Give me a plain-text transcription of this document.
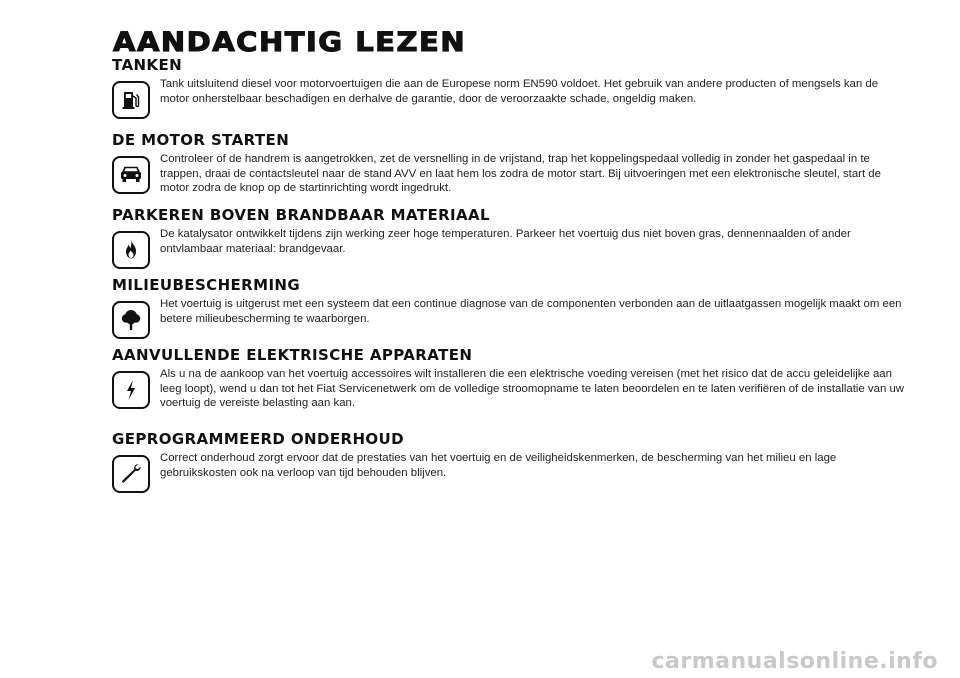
AANDACHTIG LEZEN
TANKEN
Tank uitsluitend diesel voor motorvoertuigen die aan de Europese norm EN590 voldoet. Het gebruik van andere producten of mengsels kan de motor onherstelbaar beschadigen en derhalve de garantie, door de veroorzaakte schade, ongeldig maken.
DE MOTOR STARTEN
Controleer of de handrem is aangetrokken, zet de versnelling in de vrijstand, trap het koppelingspedaal volledig in zonder het gaspedaal in te trappen, draai de contactsleutel naar de stand AVV en laat hem los zodra de motor start. Bij uitvoeringen met een elektronische sleutel, start de motor zodra de knop op de startinrichting wordt ingedrukt.
PARKEREN BOVEN BRANDBAAR MATERIAAL
De katalysator ontwikkelt tijdens zijn werking zeer hoge temperaturen. Parkeer het voertuig dus niet boven gras, dennennaalden of ander ontvlambaar materiaal: brandgevaar.
MILIEUBESCHERMING
Het voertuig is uitgerust met een systeem dat een continue diagnose van de componenten verbonden aan de uitlaatgassen mogelijk maakt om een betere milieubescherming te waarborgen.
AANVULLENDE ELEKTRISCHE APPARATEN
Als u na de aankoop van het voertuig accessoires wilt installeren die een elektrische voeding vereisen (met het risico dat de accu geleidelijke aan leeg loopt), wend u dan tot het Fiat Servicenetwerk om de volledige stroomopname te laten beoordelen en te laten verifiëren of de installatie van uw voertuig de vereiste belasting aan kan.
GEPROGRAMMEERD ONDERHOUD
Correct onderhoud zorgt ervoor dat de prestaties van het voertuig en de veiligheidskenmerken, de bescherming van het milieu en lage gebruikskosten ook na verloop van tijd behouden blijven.
carmanualsonline.info
